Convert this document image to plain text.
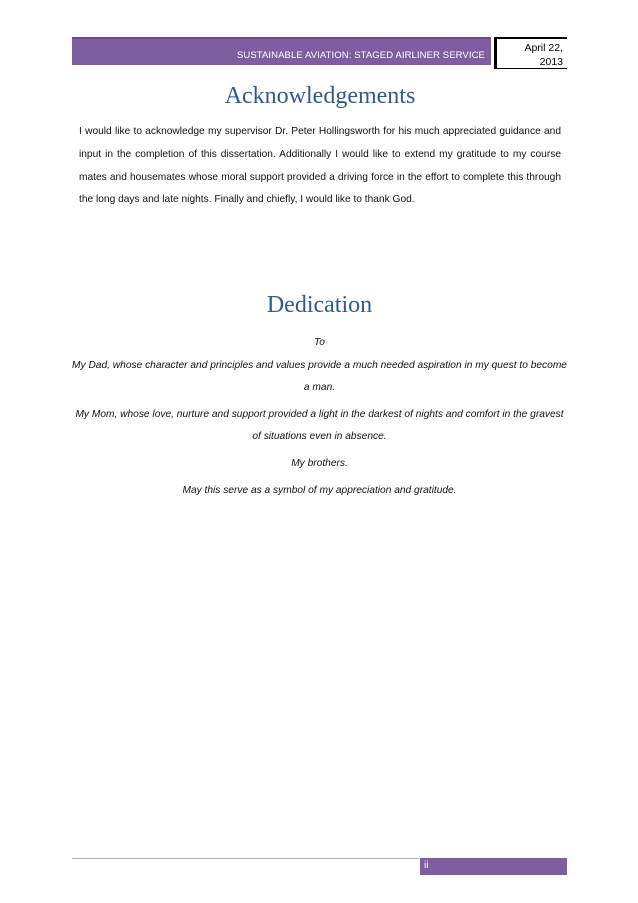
SUSTAINABLE AVIATION: STAGED AIRLINER SERVICE
April 22,
2013
Acknowledgements
I would like to acknowledge my supervisor Dr. Peter Hollingsworth for his much appreciated guidance and input in the completion of this dissertation. Additionally I would like to extend my gratitude to my course mates and housemates whose moral support provided a driving force in the effort to complete this through the long days and late nights. Finally and chiefly, I would like to thank God.
Dedication

To

My Dad, whose character and principles and values provide a much needed aspiration in my quest to become a man.

My Mom, whose love, nurture and support provided a light in the darkest of nights and comfort in the gravest of situations even in absence.

My brothers.

May this serve as a symbol of my appreciation and gratitude.

ii
